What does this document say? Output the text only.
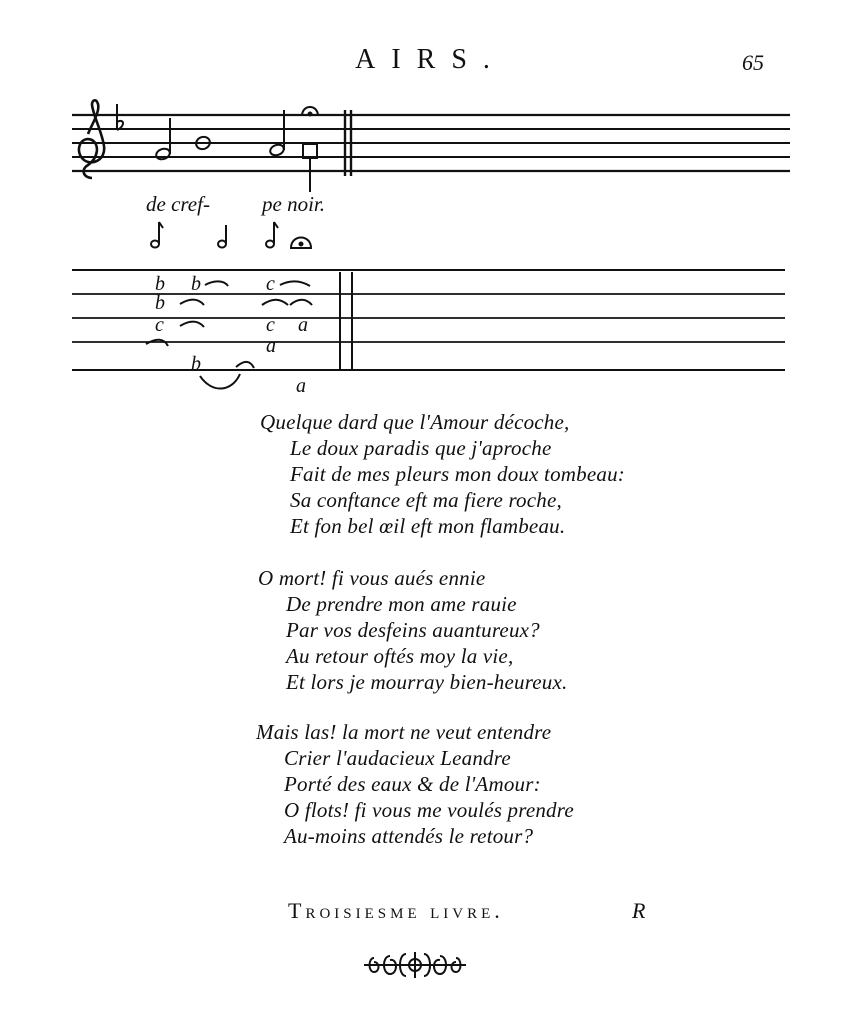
AIRS.	65
b b	c
b
c	c a
a
b
a
de cref- pe noir.
Quelque dard que l'Amour décoche,
Le doux paradis que j'aproche
Fait de mes pleurs mon doux tombeau:
Sa conftance eft ma fiere roche,
Et fon bel œil eft mon flambeau.
O mort! fi vous aués ennie
De prendre mon ame rauie
Par vos desfeins auantureux?
Au retour oftés moy la vie,
Et lors je mourray bien-heureux.
Mais las! la mort ne veut entendre
Crier l'audacieux Leandre
Porté des eaux & de l'Amour:
O flots! fi vous me voulés prendre
Au-moins attendés le retour?
Troisiesme livre.	R
